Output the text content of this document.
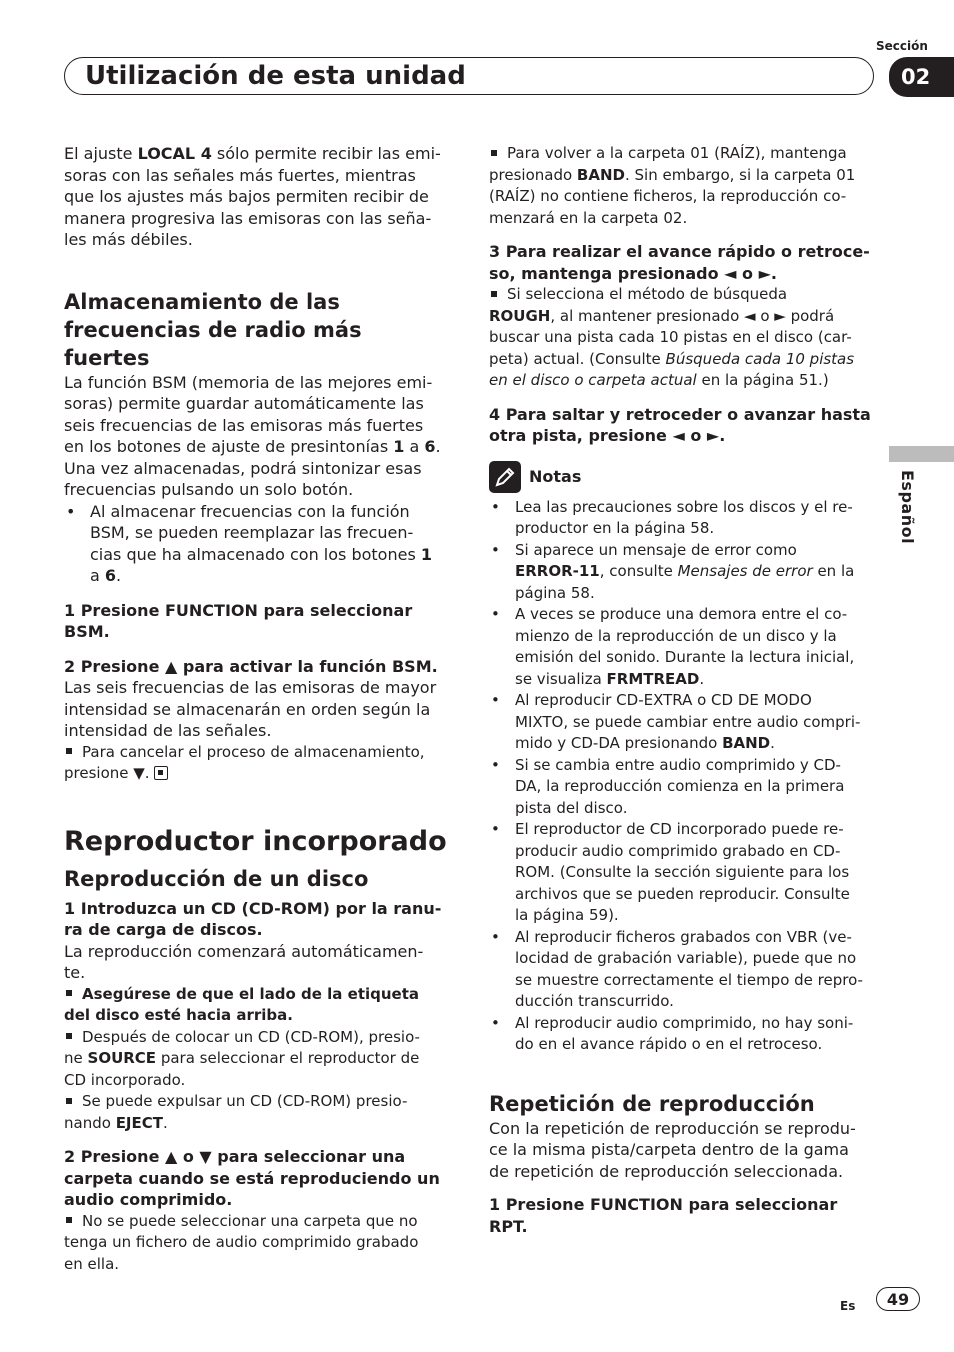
Sección
02
Utilización de esta unidad
Español

El ajuste LOCAL 4 sólo permite recibir las emi-
soras con las señales más fuertes, mientras
que los ajustes más bajos permiten recibir de
manera progresiva las emisoras con las seña-
les más débiles.

Almacenamiento de las
frecuencias de radio más fuertes

La función BSM (memoria de las mejores emi-
soras) permite guardar automáticamente las
seis frecuencias de las emisoras más fuertes
en los botones de ajuste de presintonías 1 a 6.
Una vez almacenadas, podrá sintonizar esas
frecuencias pulsando un solo botón.

• Al almacenar frecuencias con la función
BSM, se pueden reemplazar las frecuen-
cias que ha almacenado con los botones 1
a 6.

1 Presione FUNCTION para seleccionar
BSM.

2 Presione ▲ para activar la función BSM.

Las seis frecuencias de las emisoras de mayor
intensidad se almacenarán en orden según la
intensidad de las señales.

Para cancelar el proceso de almacenamiento,
presione ▼.

Reproductor incorporado
Reproducción de un disco

1 Introduzca un CD (CD-ROM) por la ranu-
ra de carga de discos.

La reproducción comenzará automáticamen-
te.

Asegúrese de que el lado de la etiqueta
del disco esté hacia arriba.

Después de colocar un CD (CD-ROM), presio-
ne SOURCE para seleccionar el reproductor de
CD incorporado.

Se puede expulsar un CD (CD-ROM) presio-
nando EJECT.

2 Presione ▲ o ▼ para seleccionar una
carpeta cuando se está reproduciendo un
audio comprimido.

No se puede seleccionar una carpeta que no
tenga un fichero de audio comprimido grabado
en ella.

Para volver a la carpeta 01 (RAÍZ), mantenga
presionado BAND. Sin embargo, si la carpeta 01
(RAÍZ) no contiene ficheros, la reproducción co-
menzará en la carpeta 02.

3 Para realizar el avance rápido o retroce-
so, mantenga presionado ◄ o ►.

Si selecciona el método de búsqueda
ROUGH, al mantener presionado ◄ o ► podrá
buscar una pista cada 10 pistas en el disco (car-
peta) actual. (Consulte Búsqueda cada 10 pistas
en el disco o carpeta actual en la página 51.)

4 Para saltar y retroceder o avanzar hasta
otra pista, presione ◄ o ►.

Notas
• Lea las precauciones sobre los discos y el re-
productor en la página 58.
• Si aparece un mensaje de error como
ERROR-11, consulte Mensajes de error en la
página 58.
• A veces se produce una demora entre el co-
mienzo de la reproducción de un disco y la
emisión del sonido. Durante la lectura inicial,
se visualiza FRMTREAD.
• Al reproducir CD-EXTRA o CD DE MODO
MIXTO, se puede cambiar entre audio compri-
mido y CD-DA presionando BAND.
• Si se cambia entre audio comprimido y CD-
DA, la reproducción comienza en la primera
pista del disco.
• El reproductor de CD incorporado puede re-
producir audio comprimido grabado en CD-
ROM. (Consulte la sección siguiente para los
archivos que se pueden reproducir. Consulte
la página 59).
• Al reproducir ficheros grabados con VBR (ve-
locidad de grabación variable), puede que no
se muestre correctamente el tiempo de repro-
ducción transcurrido.
• Al reproducir audio comprimido, no hay soni-
do en el avance rápido o en el retroceso.
Repetición de reproducción

Con la repetición de reproducción se reprodu-
ce la misma pista/carpeta dentro de la gama
de repetición de reproducción seleccionada.

1 Presione FUNCTION para seleccionar
RPT.

Es	49
